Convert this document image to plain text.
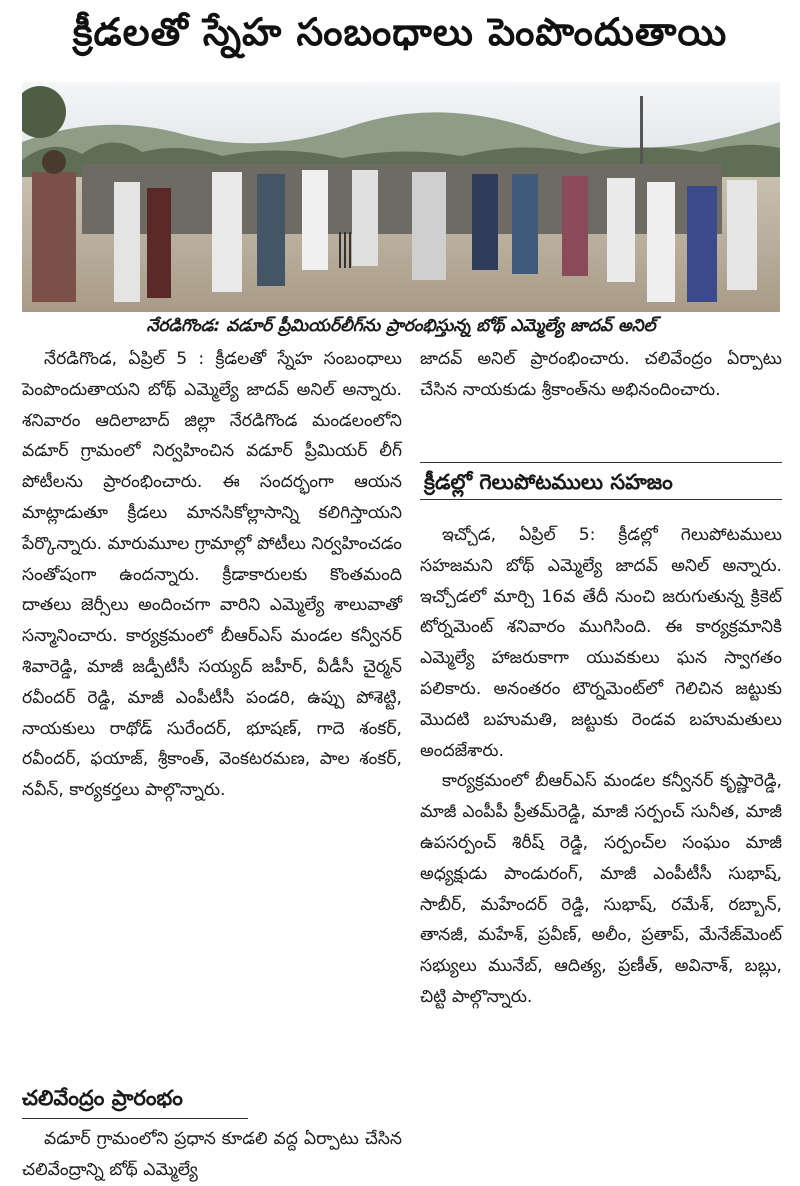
క్రీడలతో స్నేహ సంబంధాలు పెంపొందుతాయి
నేరడిగొండ: వడూర్ ప్రీమియర్‌లీగ్‌ను ప్రారంభిస్తున్న బోథ్ ఎమ్మెల్యే జాదవ్ అనిల్

నేరడిగొండ, ఏప్రిల్ 5 : క్రీడలతో స్నేహ సంబంధాలు పెంపొందుతాయని బోథ్ ఎమ్మెల్యే జాదవ్ అనిల్ అన్నారు. శనివారం ఆదిలాబాద్ జిల్లా నేరడిగొండ మండలంలోని వడూర్ గ్రామంలో నిర్వహించిన వడూర్ ప్రీమియర్ లీగ్ పోటీలను ప్రారంభించారు. ఈ సందర్భంగా ఆయన మాట్లాడుతూ క్రీడలు మానసికోల్లాసాన్ని కలిగిస్తాయని పేర్కొన్నారు. మారుమూల గ్రామాల్లో పోటీలు నిర్వహించడం సంతోషంగా ఉందన్నారు. క్రీడాకారులకు కొంతమంది దాతలు జెర్సీలు అందించగా వారిని ఎమ్మెల్యే శాలువాతో సన్మానించారు. కార్యక్రమంలో బీఆర్ఎస్ మండల కన్వీనర్ శివారెడ్డి, మాజీ జడ్పీటీసీ సయ్యద్ జహీర్, వీడీసీ చైర్మన్ రవీందర్ రెడ్డి, మాజీ ఎంపీటీసీ పండరి, ఉప్పు పోశెట్టి, నాయకులు రాథోడ్ సురేందర్, భూషణ్, గాదె శంకర్, రవీందర్, ఫయాజ్, శ్రీకాంత్, వెంకటరమణ, పాల శంకర్, నవీన్, కార్యకర్తలు పాల్గొన్నారు.

చలివేంద్రం ప్రారంభం

వడూర్ గ్రామంలోని ప్రధాన కూడలి వద్ద ఏర్పాటు చేసిన చలివేంద్రాన్ని బోథ్ ఎమ్మెల్యే

జాదవ్ అనిల్ ప్రారంభించారు. చలివేంద్రం ఏర్పాటు చేసిన నాయకుడు శ్రీకాంత్‌ను అభినందించారు.

క్రీడల్లో గెలుపోటములు సహజం

ఇచ్చోడ, ఏప్రిల్ 5: క్రీడల్లో గెలుపోటములు సహజమని బోథ్ ఎమ్మెల్యే జాదవ్ అనిల్ అన్నారు. ఇచ్చోడలో మార్చి 16వ తేదీ నుంచి జరుగుతున్న క్రికెట్ టోర్నమెంట్ శనివారం ముగిసింది. ఈ కార్యక్రమానికి ఎమ్మెల్యే హాజరుకాగా యువకులు ఘన స్వాగతం పలికారు. అనంతరం టౌర్నమెంట్‌లో గెలిచిన జట్టుకు మొదటి బహుమతి, జట్టుకు రెండవ బహుమతులు అందజేశారు.

కార్యక్రమంలో బీఆర్ఎస్ మండల కన్వీనర్ కృష్ణారెడ్డి, మాజీ ఎంపీపీ ప్రీతమ్‌రెడ్డి, మాజీ సర్పంచ్ సునీత, మాజీ ఉపసర్పంచ్ శిరీష్ రెడ్డి, సర్పంచ్‌ల సంఘం మాజీ అధ్యక్షుడు పాండురంగ్, మాజీ ఎంపీటీసీ సుభాష్, సాబీర్, మహేందర్ రెడ్డి, సుభాష్, రమేశ్, రబ్బాన్, తానజీ, మహేశ్, ప్రవీణ్, అలీం, ప్రతాప్, మేనేజ్‌మెంట్ సభ్యులు మునేబ్, ఆదిత్య, ప్రణీత్, అవినాశ్, బబ్లు, చిట్టి పాల్గొన్నారు.
